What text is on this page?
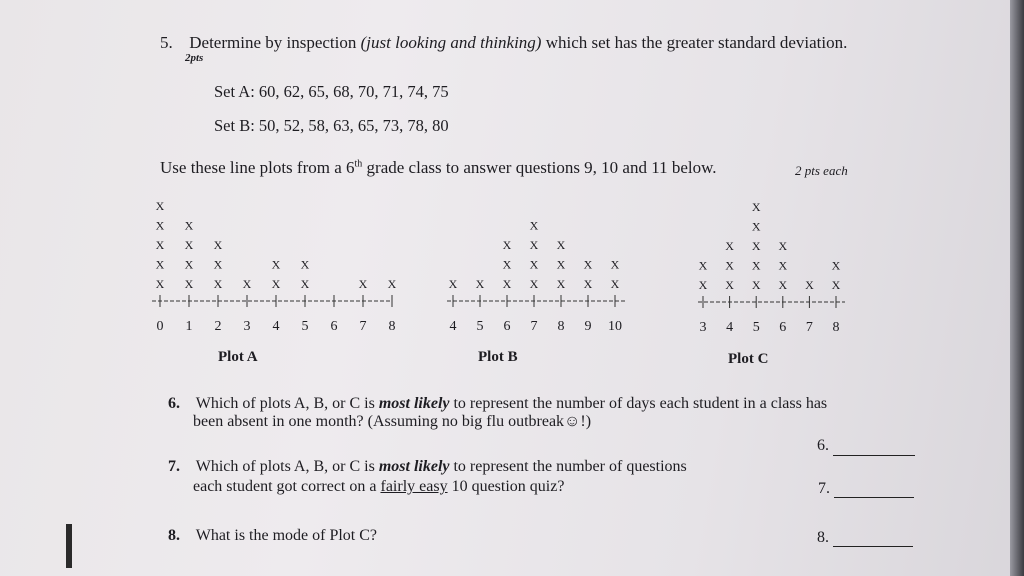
5. Determine by inspection (just looking and thinking) which set has the greater standard deviation.
2pts
Set A: 60, 62, 65, 68, 70, 71, 74, 75
Set B: 50, 52, 58, 63, 65, 73, 78, 80
Use these line plots from a 6th grade class to answer questions 9, 10 and 11 below.	2 pts each
0
X
X
X
X
X
1
X
X
X
X
2
X
X
X
3
X
4
X
X
5
X
X
6 7
X
8
X
4
X
5
X
6
X
X
X
7
X
X
X
X
8
X
X
X
9
X
X
10
X
X
3
X
X
4
X
X
X
5
X
X
X
X
X
6
X
X
X
7
X
8
X
X
Plot A	Plot B	Plot C
6. Which of plots A, B, or C is most likely to represent the number of days each student in a class has
been absent in one month? (Assuming no big flu outbreak☺!)
6.
7. Which of plots A, B, or C is most likely to represent the number of questions
each student got correct on a fairly easy 10 question quiz?	7.
8. What is the mode of Plot C?	8.
